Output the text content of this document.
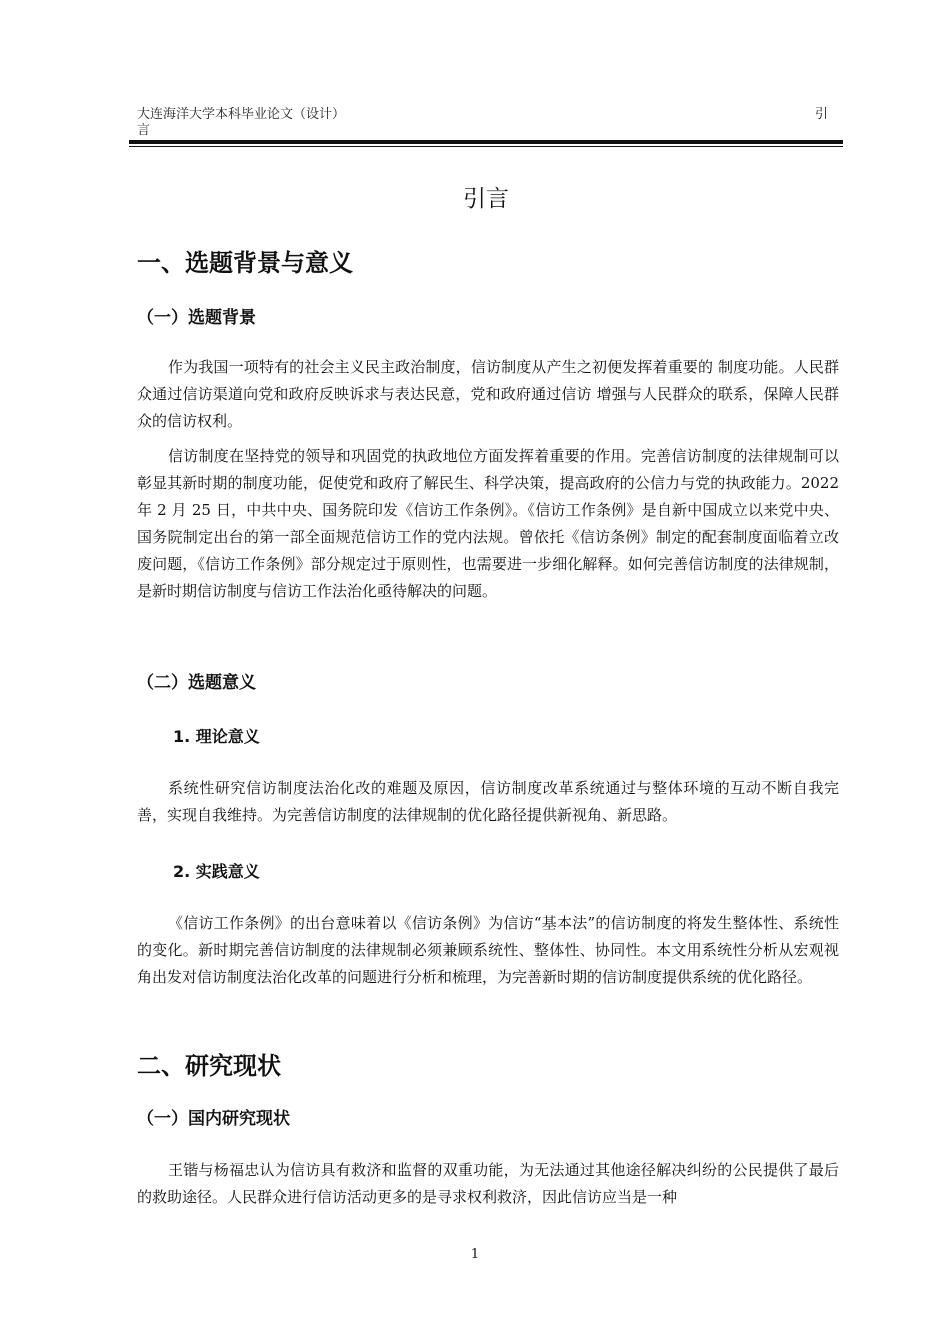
大连海洋大学本科毕业论文（设计）
言
引
引言
一、选题背景与意义
（一）选题背景

作为我国一项特有的社会主义民主政治制度，信访制度从产生之初便发挥着重要的 制度功能。人民群众通过信访渠道向党和政府反映诉求与表达民意，党和政府通过信访 增强与人民群众的联系，保障人民群众的信访权利。

信访制度在坚持党的领导和巩固党的执政地位方面发挥着重要的作用。完善信访制度的法律规制可以彰显其新时期的制度功能，促使党和政府了解民生、科学决策，提高政府的公信力与党的执政能力。2022 年 2 月 25 日，中共中央、国务院印发《信访工作条例》。《信访工作条例》是自新中国成立以来党中央、国务院制定出台的第一部全面规范信访工作的党内法规。曾依托《信访条例》制定的配套制度面临着立改废问题，《信访工作条例》部分规定过于原则性，也需要进一步细化解释。如何完善信访制度的法律规制，是新时期信访制度与信访工作法治化亟待解决的问题。

（二）选题意义
1. 理论意义

系统性研究信访制度法治化改的难题及原因，信访制度改革系统通过与整体环境的互动不断自我完善，实现自我维持。为完善信访制度的法律规制的优化路径提供新视角、新思路。

2. 实践意义

《信访工作条例》的出台意味着以《信访条例》为信访“基本法”的信访制度的将发生整体性、系统性的变化。新时期完善信访制度的法律规制必须兼顾系统性、整体性、协同性。本文用系统性分析从宏观视角出发对信访制度法治化改革的问题进行分析和梳理，为完善新时期的信访制度提供系统的优化路径。

二、研究现状
（一）国内研究现状

王锴与杨福忠认为信访具有救济和监督的双重功能，为无法通过其他途径解决纠纷的公民提供了最后的救助途径。人民群众进行信访活动更多的是寻求权利救济，因此信访应当是一种

1
